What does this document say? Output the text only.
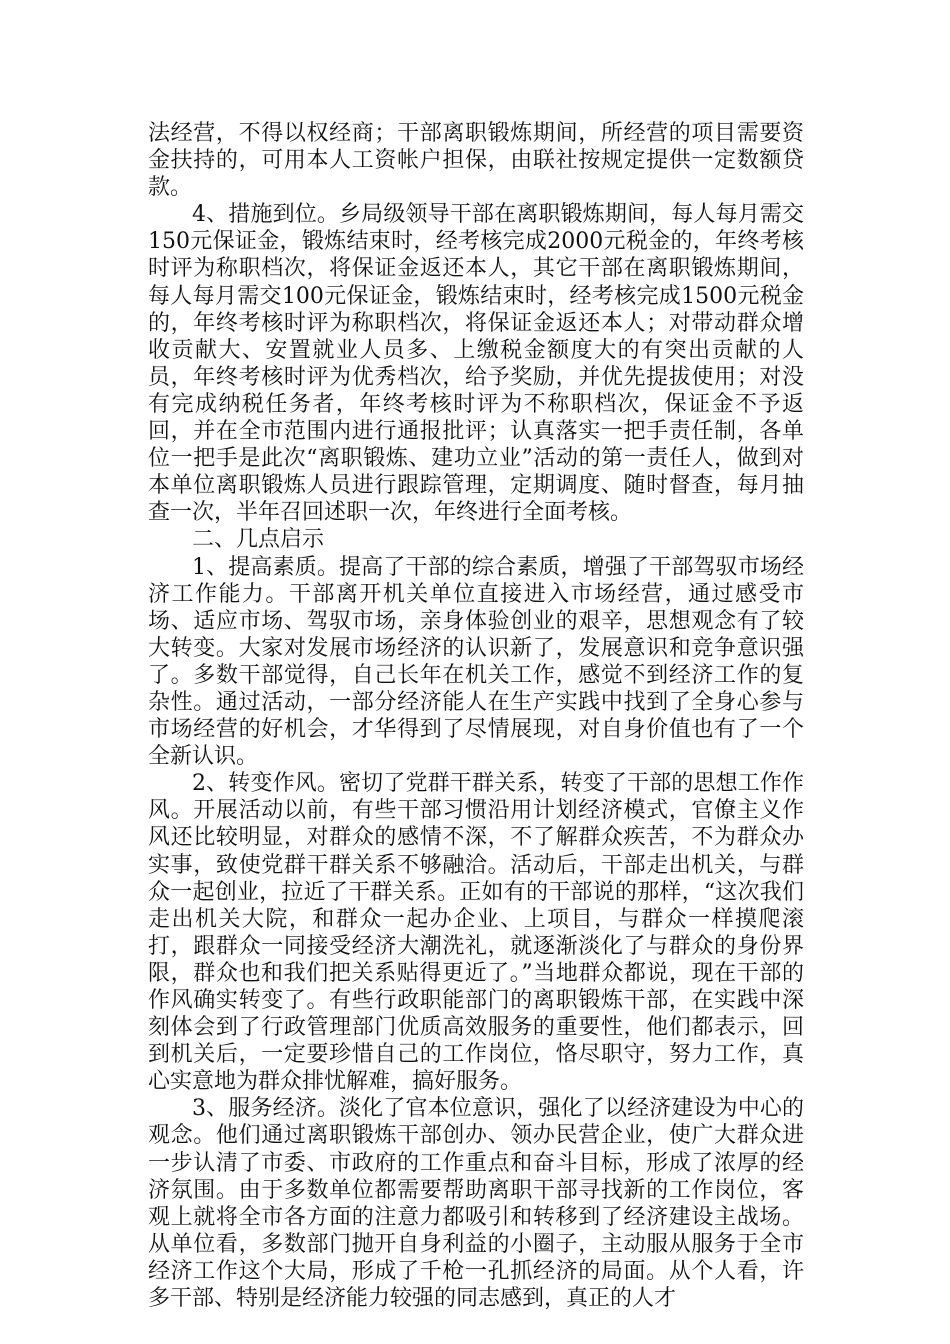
法经营，不得以权经商；干部离职锻炼期间，所经营的项目需要资金扶持的，可用本人工资帐户担保，由联社按规定提供一定数额贷款。

4、措施到位。乡局级领导干部在离职锻炼期间，每人每月需交150元保证金，锻炼结束时，经考核完成2000元税金的，年终考核时评为称职档次，将保证金返还本人，其它干部在离职锻炼期间，每人每月需交100元保证金，锻炼结束时，经考核完成1500元税金的，年终考核时评为称职档次，将保证金返还本人；对带动群众增收贡献大、安置就业人员多、上缴税金额度大的有突出贡献的人员，年终考核时评为优秀档次，给予奖励，并优先提拔使用；对没有完成纳税任务者，年终考核时评为不称职档次，保证金不予返回，并在全市范围内进行通报批评；认真落实一把手责任制，各单位一把手是此次“离职锻炼、建功立业”活动的第一责任人，做到对本单位离职锻炼人员进行跟踪管理，定期调度、随时督查，每月抽查一次，半年召回述职一次，年终进行全面考核。

二、几点启示

1、提高素质。提高了干部的综合素质，增强了干部驾驭市场经济工作能力。干部离开机关单位直接进入市场经营，通过感受市场、适应市场、驾驭市场，亲身体验创业的艰辛，思想观念有了较大转变。大家对发展市场经济的认识新了，发展意识和竞争意识强了。多数干部觉得，自己长年在机关工作，感觉不到经济工作的复杂性。通过活动，一部分经济能人在生产实践中找到了全身心参与市场经营的好机会，才华得到了尽情展现，对自身价值也有了一个全新认识。

2、转变作风。密切了党群干群关系，转变了干部的思想工作作风。开展活动以前，有些干部习惯沿用计划经济模式，官僚主义作风还比较明显，对群众的感情不深，不了解群众疾苦，不为群众办实事，致使党群干群关系不够融洽。活动后，干部走出机关，与群众一起创业，拉近了干群关系。正如有的干部说的那样，“这次我们走出机关大院，和群众一起办企业、上项目，与群众一样摸爬滚打，跟群众一同接受经济大潮洗礼，就逐渐淡化了与群众的身份界限，群众也和我们把关系贴得更近了。”当地群众都说，现在干部的作风确实转变了。有些行政职能部门的离职锻炼干部，在实践中深刻体会到了行政管理部门优质高效服务的重要性，他们都表示，回到机关后，一定要珍惜自己的工作岗位，恪尽职守，努力工作，真心实意地为群众排忧解难，搞好服务。

3、服务经济。淡化了官本位意识，强化了以经济建设为中心的观念。他们通过离职锻炼干部创办、领办民营企业，使广大群众进一步认清了市委、市政府的工作重点和奋斗目标，形成了浓厚的经济氛围。由于多数单位都需要帮助离职干部寻找新的工作岗位，客观上就将全市各方面的注意力都吸引和转移到了经济建设主战场。从单位看，多数部门抛开自身利益的小圈子，主动服从服务于全市经济工作这个大局，形成了千枪一孔抓经济的局面。从个人看，许多干部、特别是经济能力较强的同志感到，真正的人才
